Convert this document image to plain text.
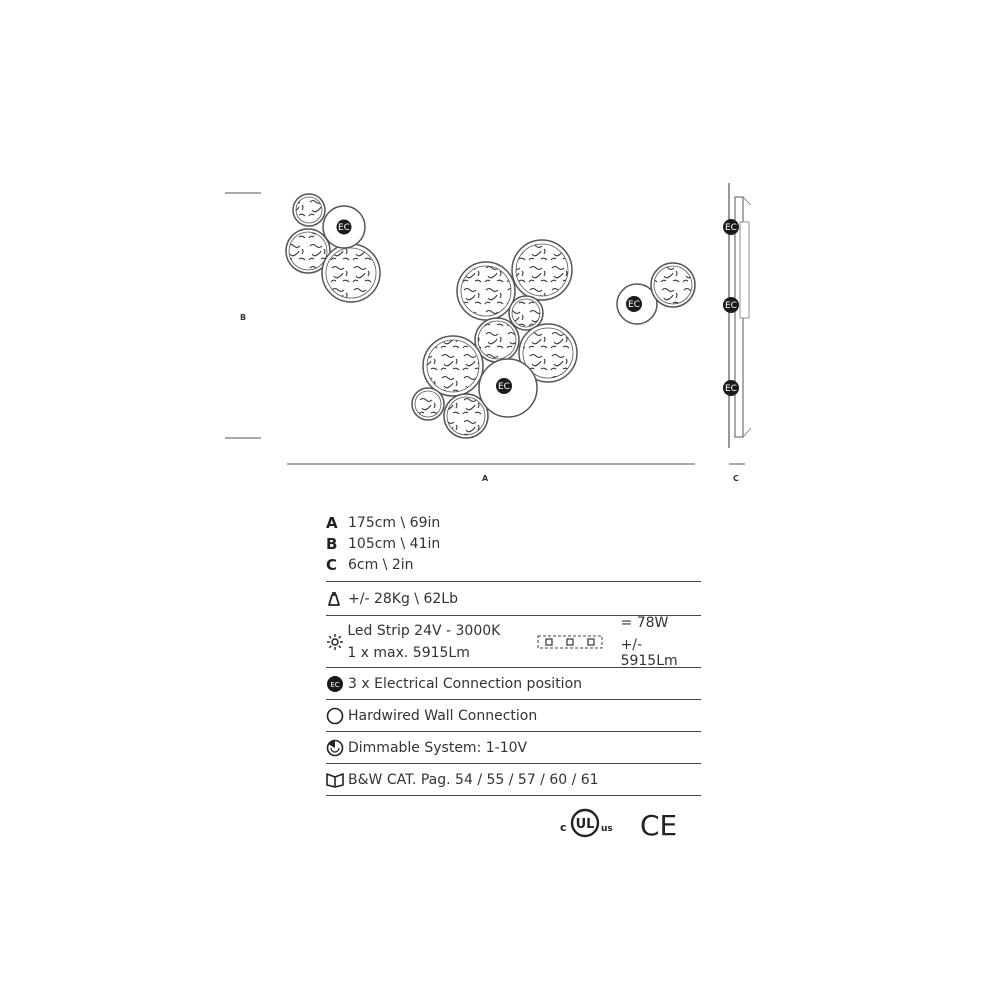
B
A	C
EC
EC
EC
EC
EC
EC
A 175cm \ 69in
B 105cm \ 41in
C 6cm \ 2in
+/- 28Kg \ 62Lb
Led Strip 24V - 3000K
1 x max. 5915Lm
= 78W
+/- 5915Lm
EC 3 x Electrical Connection position
Hardwired Wall Connection
Dimmable System: 1-10V
B&W CAT. Pag. 54 / 55 / 57 / 60 / 61
c UL us CE
